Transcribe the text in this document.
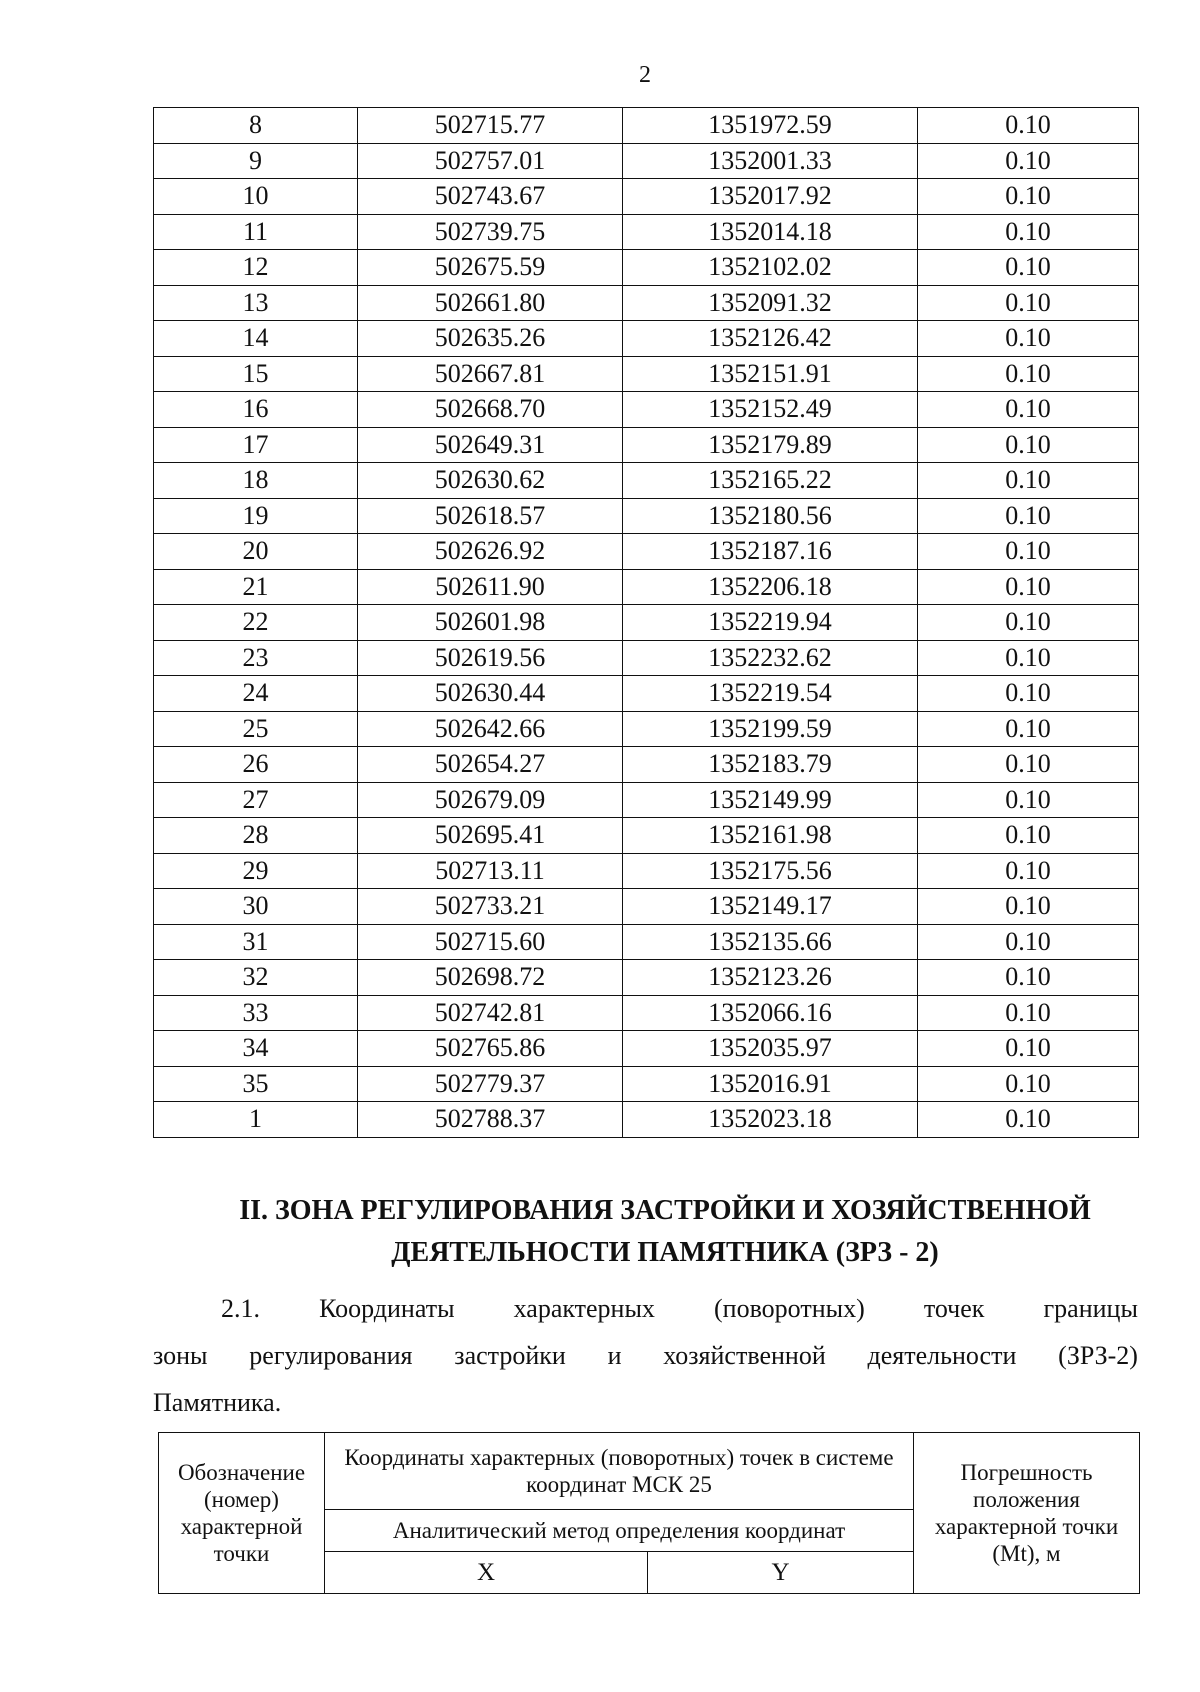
2
8	502715.77	1351972.59	0.10
9	502757.01	1352001.33	0.10
10	502743.67	1352017.92	0.10
11	502739.75	1352014.18	0.10
12	502675.59	1352102.02	0.10
13	502661.80	1352091.32	0.10
14	502635.26	1352126.42	0.10
15	502667.81	1352151.91	0.10
16	502668.70	1352152.49	0.10
17	502649.31	1352179.89	0.10
18	502630.62	1352165.22	0.10
19	502618.57	1352180.56	0.10
20	502626.92	1352187.16	0.10
21	502611.90	1352206.18	0.10
22	502601.98	1352219.94	0.10
23	502619.56	1352232.62	0.10
24	502630.44	1352219.54	0.10
25	502642.66	1352199.59	0.10
26	502654.27	1352183.79	0.10
27	502679.09	1352149.99	0.10
28	502695.41	1352161.98	0.10
29	502713.11	1352175.56	0.10
30	502733.21	1352149.17	0.10
31	502715.60	1352135.66	0.10
32	502698.72	1352123.26	0.10
33	502742.81	1352066.16	0.10
34	502765.86	1352035.97	0.10
35	502779.37	1352016.91	0.10
1	502788.37	1352023.18	0.10
II. ЗОНА РЕГУЛИРОВАНИЯ ЗАСТРОЙКИ И ХОЗЯЙСТВЕННОЙ
ДЕЯТЕЛЬНОСТИ ПАМЯТНИКА (ЗРЗ - 2)
2.1. Координаты характерных (поворотных) точек границы
зоны регулирования застройки и хозяйственной деятельности (ЗРЗ-2)
Памятника.
Обозначение (номер) характерной точки	Координаты характерных (поворотных) точек в системе координат МСК 25		Погрешность положения характерной точки (Mt), м
	Аналитический метод определения координат		
	X	Y	
